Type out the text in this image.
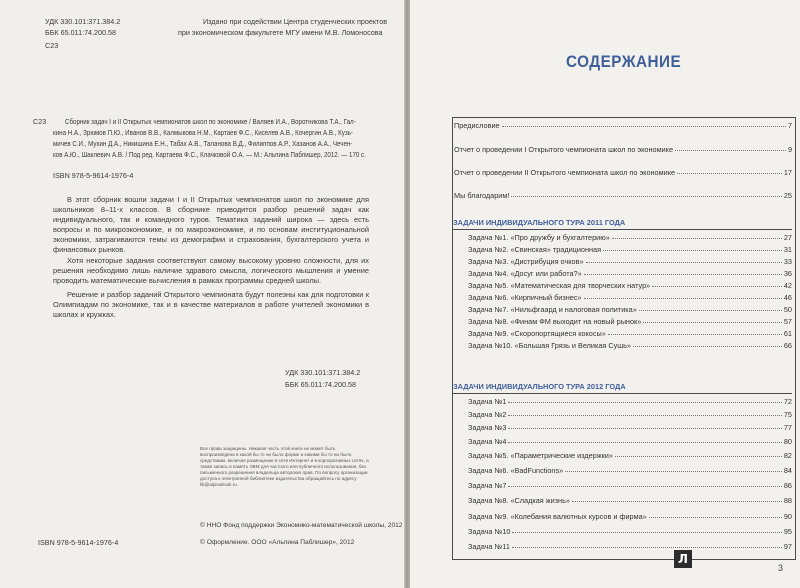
УДК 330.101:371.384.2

ББК 65.011:74.200.58

С23

Издано при содействии Центра студенческих проектов

при экономическом факультете МГУ имени М.В. Ломоносова

С23	Сборник задач I и II Открытых чемпионатов школ по экономике / Валяев И.А., Воротникова Т.А., Гал-

кина Н.А., Зрюмов П.Ю., Иванов В.В., Калмыкова Н.М., Картаев Ф.С., Киселев А.В., Кочергин А.В., Кузь-

мичев С.И., Мухин Д.А., Никишина Е.Н., Табах А.В., Таланова В.Д., Филиппов А.Р., Хазанов А.А., Чечен-

ков А.Ю., Шаклевич А.В. / Под ред. Картаева Ф.С., Клачковой О.А. — М.: Альпина Паблишер, 2012. — 170 с.

ISBN 978-5-9614-1976-4

В этот сборник вошли задачи I и II Открытых чемпионатов школ по экономике для школьников 8–11-х классов. В сборнике приводится разбор решений задач как индивидуального, так и командного туров. Тематика заданий широка — здесь есть вопросы и по микроэкономике, и по макроэкономике, и по основам институциональной экономики, затрагиваются темы из демографии и страхования, бухгалтерского учета и финансовых рынков.

Хотя некоторые задания соответствуют самому высокому уровню сложности, для их решения необходимо лишь наличие здравого смысла, логического мышления и умение проводить математические вычисления в рамках программы средней школы.

Решение и разбор заданий Открытого чемпионата будут полезны как для подготовки к Олимпиадам по экономике, так и в качестве материалов в работе учителей экономики в школах и кружках.

УДК 330.101:371.384.2

ББК 65.011:74.200.58

Все права защищены. Никакая часть этой книги не может быть воспроизведена в какой бы то ни было форме и какими бы то ни было средствами, включая размещение в сети Интернет и в корпоративных сетях, а также запись в память ЭВМ для частного или публичного использования, без письменного разрешения владельца авторских прав. По вопросу организации доступа к электронной библиотеке издательства обращайтесь по адресу lib@alpinabook.ru.

ISBN 978-5-9614-1976-4

© ННО Фонд поддержки Экономико-математической школы, 2012

© Оформление. ООО «Альпина Паблишер», 2012

СОДЕРЖАНИЕ
Предисловие	7
Отчет о проведении I Открытого чемпионата школ по экономике	9
Отчет о проведении II Открытого чемпионата школ по экономике	17
Мы благодарим!	25
ЗАДАЧИ ИНДИВИДУАЛЬНОГО ТУРА 2011 ГОДА
Задача №1. «Про дружбу и бухгалтерию»	27
Задача №2. «Свинская» традиционная	31
Задача №3. «Дистрибуция очков»	33
Задача №4. «Досуг или работа?»	36
Задача №5. «Математическая для творческих натур»	42
Задача №6. «Кирпичный бизнес»	46
Задача №7. «Нильфгаард и налоговая политика»	50
Задача №8. «Финам ФМ выходит на новый рынок»	57
Задача №9. «Скоропортящиеся кокосы»	61
Задача №10. «Большая Грязь и Великая Сушь»	66
ЗАДАЧИ ИНДИВИДУАЛЬНОГО ТУРА 2012 ГОДА
Задача №1	72
Задача №2	75
Задача №3	77
Задача №4	80
Задача №5. «Параметрические издержки»	82
Задача №6. «BadFunctions»	84
Задача №7	86
Задача №8. «Сладкая жизнь»	88
Задача №9. «Колебания валютных курсов и фирма»	90
Задача №10	95
Задача №11	97
Л
3
